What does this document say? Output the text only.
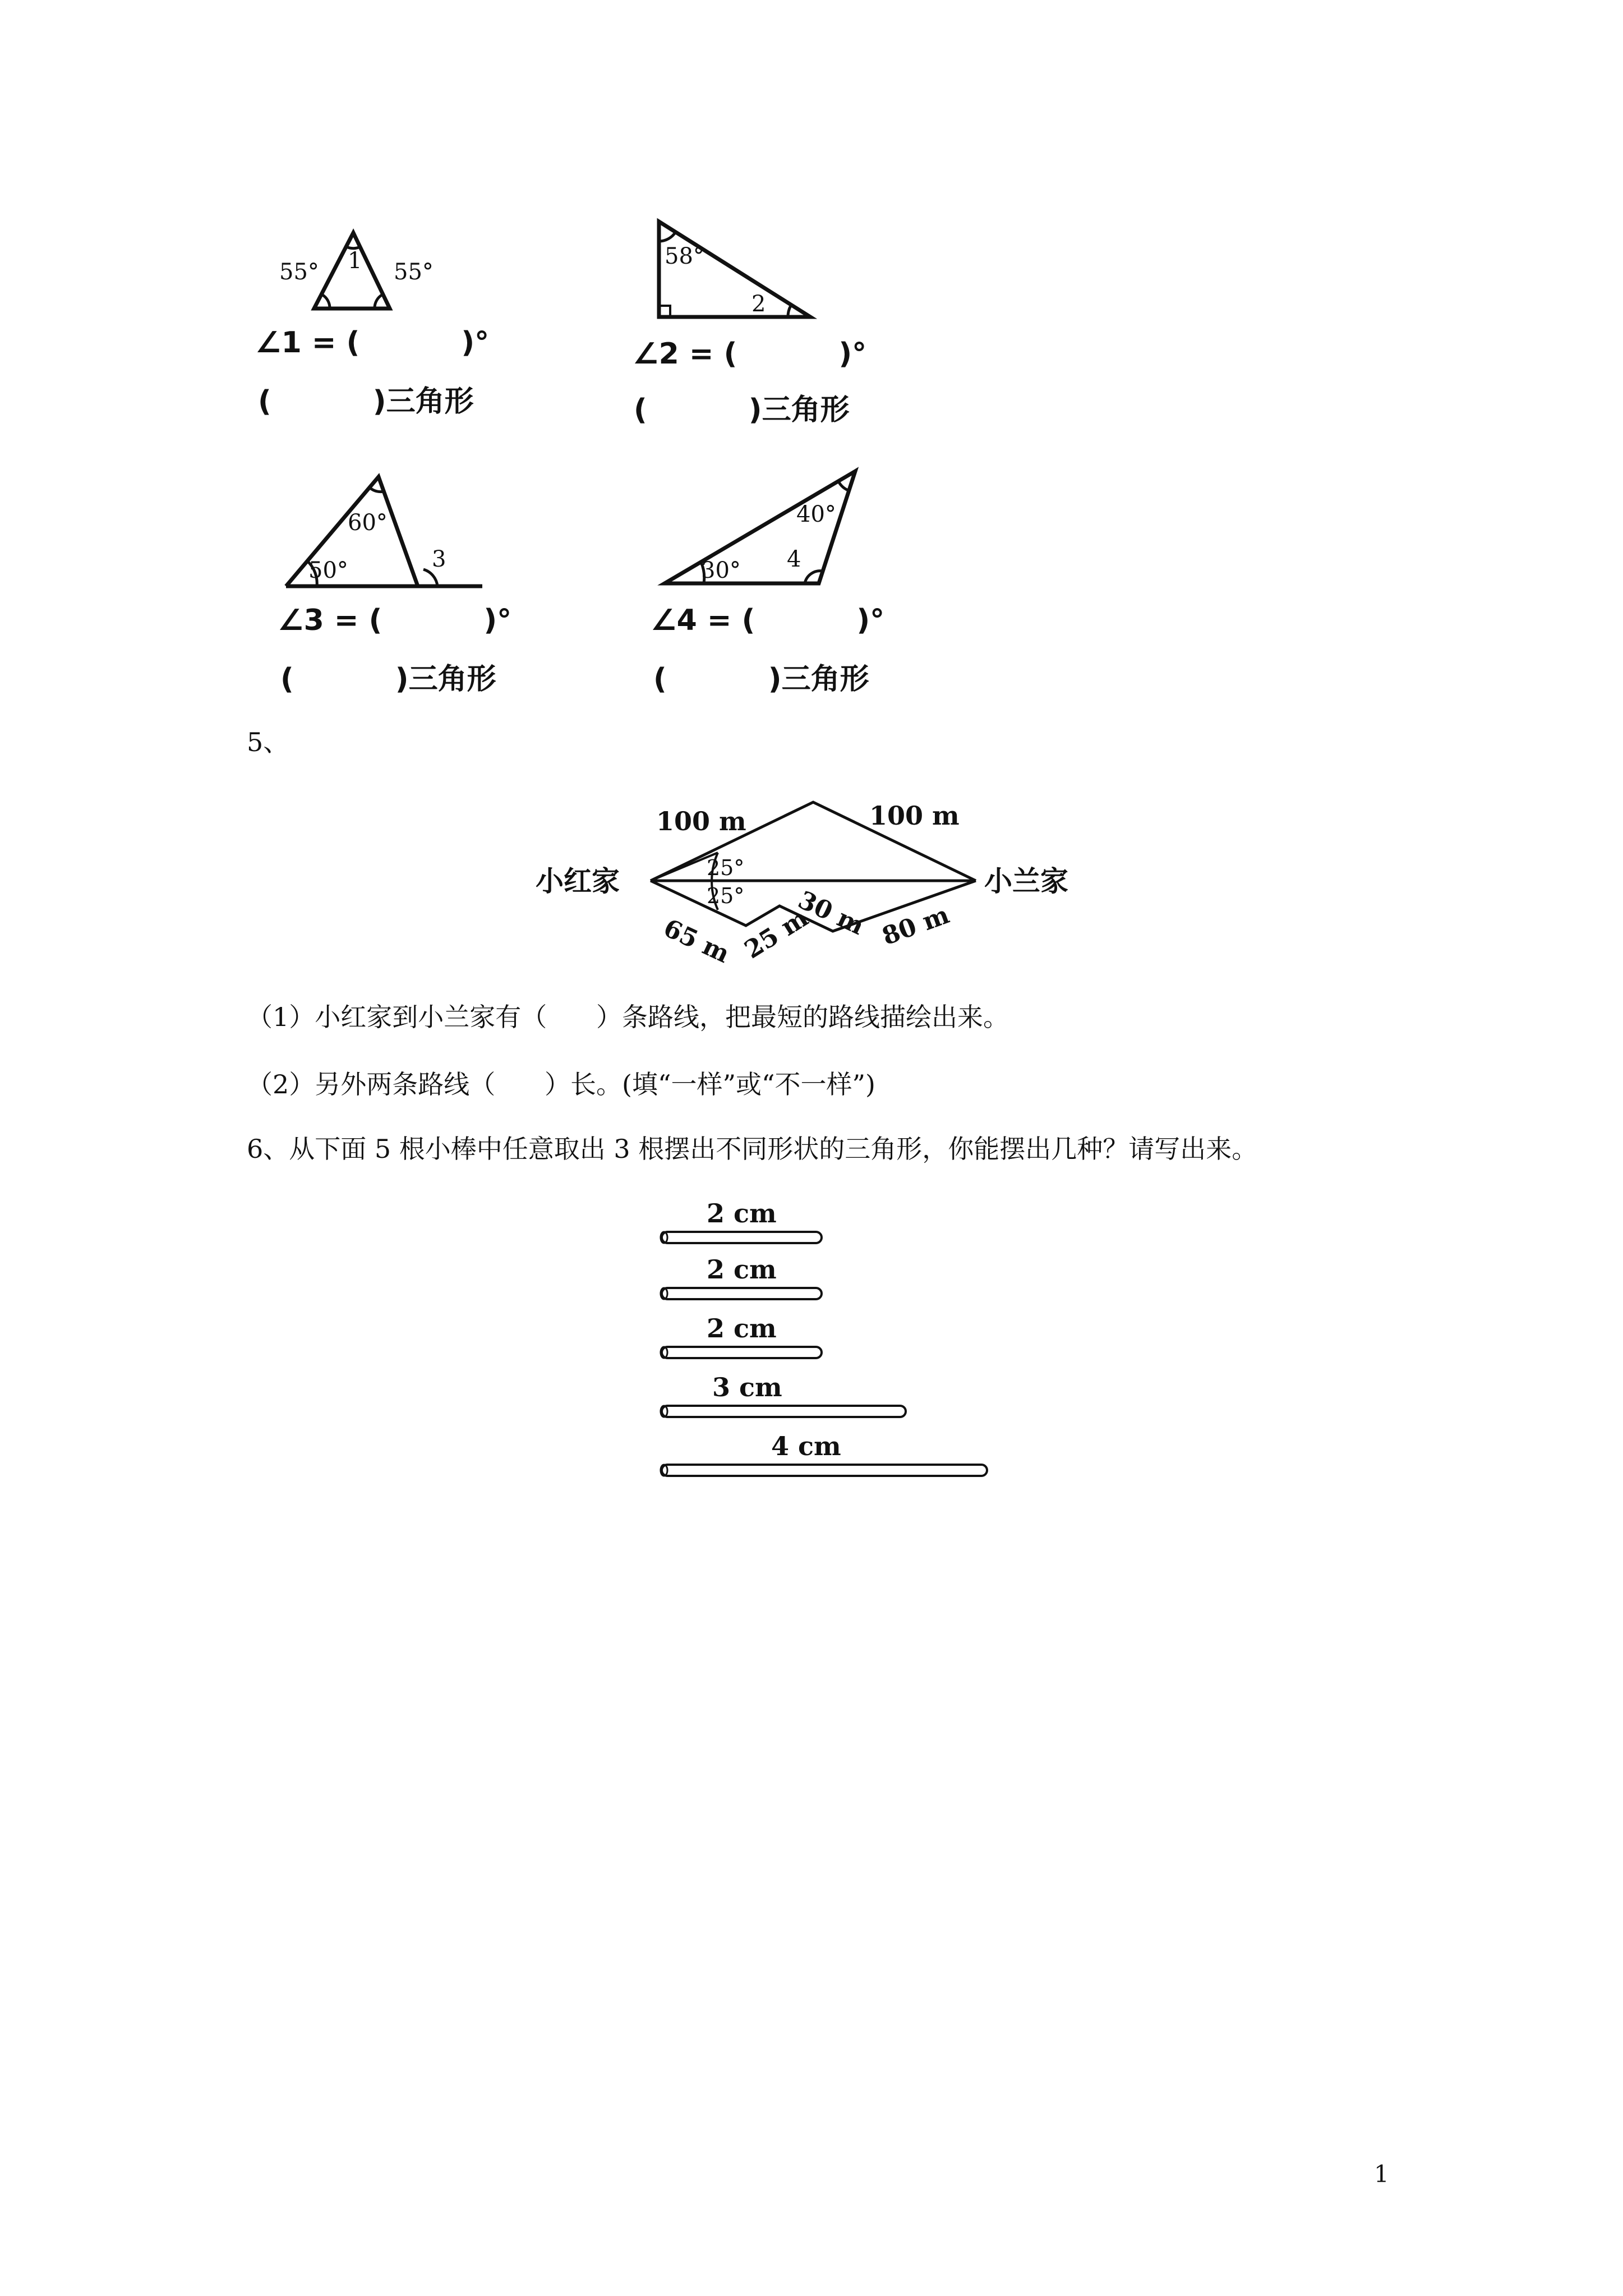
55° 1 55°
∠1 = (          )°
(          )三角形
58°
2
∠2 = (          )°
(          )三角形
60°
50°	3
∠3 = (          )°
(          )三角形
40°
30° 4
∠4 = (          )°
(          )三角形
5、
小红家	小兰家
100 m	100 m
25°
25°
65 m 25 m
30 m 80 m
（1）小红家到小兰家有（      ）条路线，把最短的路线描绘出来。
（2）另外两条路线（      ）长。(填“一样”或“不一样”)
6、从下面 5 根小棒中任意取出 3 根摆出不同形状的三角形，你能摆出几种？请写出来。
2 cm
2 cm
2 cm
3 cm
4 cm
1
